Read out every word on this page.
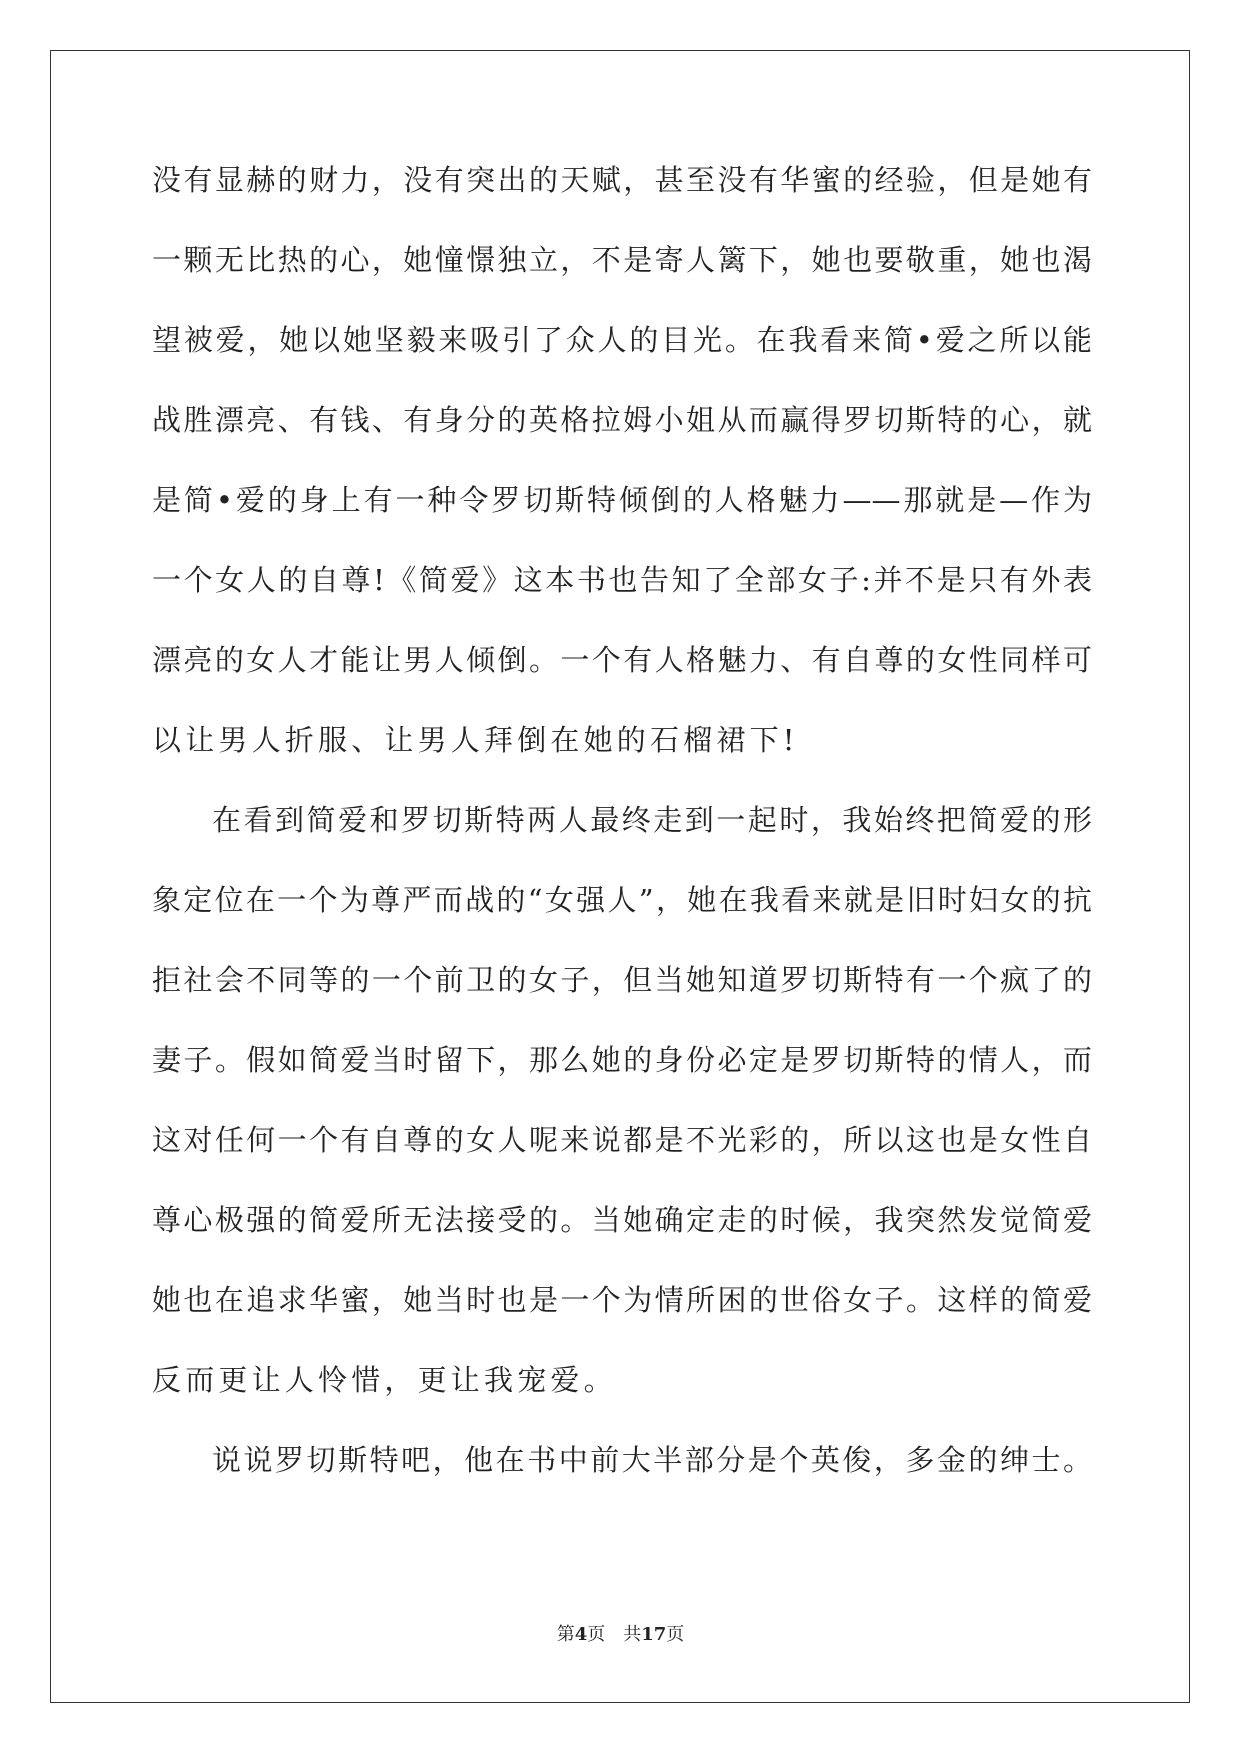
没有显赫的财力，没有突出的天赋，甚至没有华蜜的经验，但是她有
一颗无比热的心，她憧憬独立，不是寄人篱下，她也要敬重，她也渴
望被爱，她以她坚毅来吸引了众人的目光。在我看来简•爱之所以能
战胜漂亮、有钱、有身分的英格拉姆小姐从而赢得罗切斯特的心，就
是简•爱的身上有一种令罗切斯特倾倒的人格魅力——那就是—作为
一个女人的自尊!《简爱》这本书也告知了全部女子:并不是只有外表
漂亮的女人才能让男人倾倒。一个有人格魅力、有自尊的女性同样可
以让男人折服、让男人拜倒在她的石榴裙下!
在看到简爱和罗切斯特两人最终走到一起时，我始终把简爱的形
象定位在一个为尊严而战的“女强人”，她在我看来就是旧时妇女的抗
拒社会不同等的一个前卫的女子，但当她知道罗切斯特有一个疯了的
妻子。假如简爱当时留下，那么她的身份必定是罗切斯特的情人，而
这对任何一个有自尊的女人呢来说都是不光彩的，所以这也是女性自
尊心极强的简爱所无法接受的。当她确定走的时候，我突然发觉简爱
她也在追求华蜜，她当时也是一个为情所困的世俗女子。这样的简爱
反而更让人怜惜，更让我宠爱。
说说罗切斯特吧，他在书中前大半部分是个英俊，多金的绅士。
第4页 共17页
